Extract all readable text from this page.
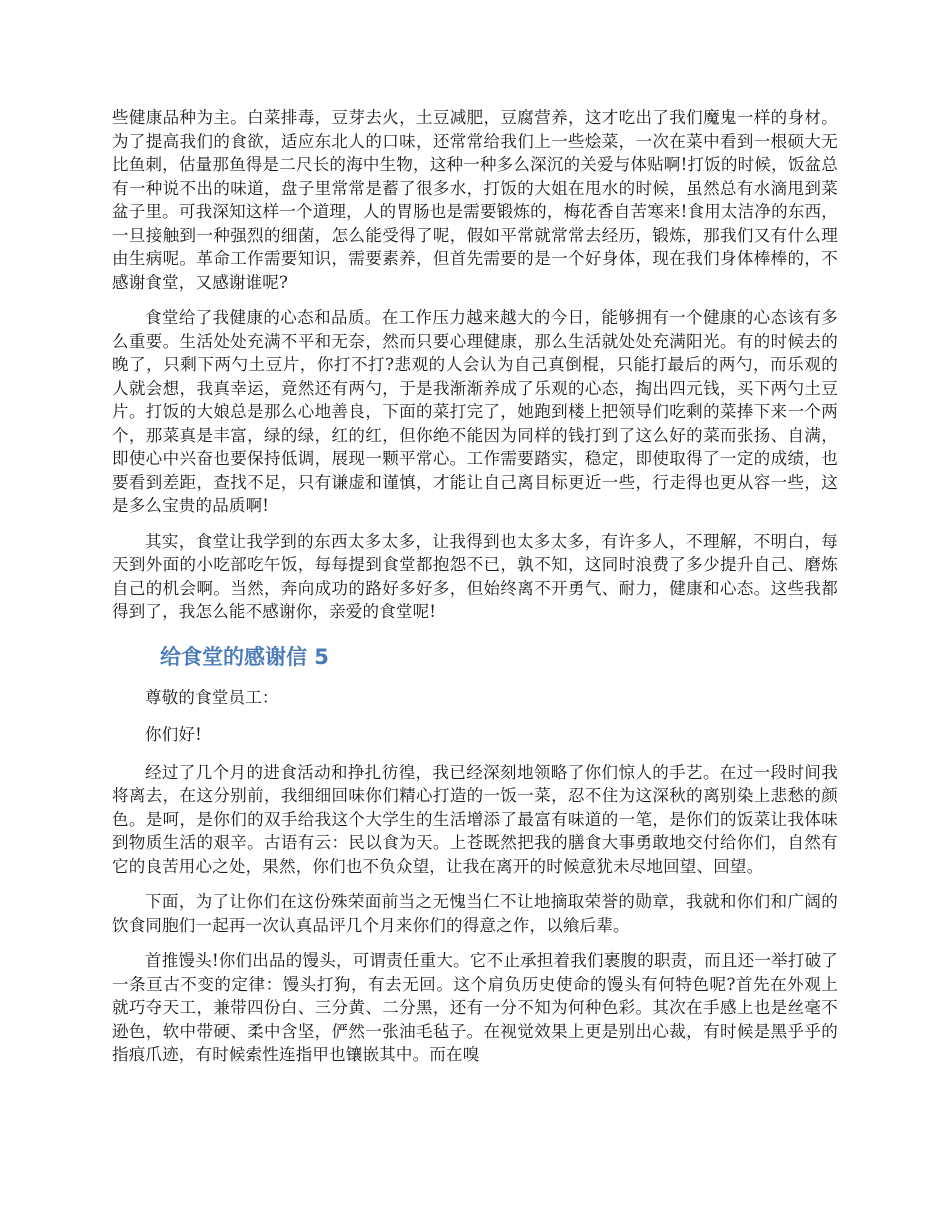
些健康品种为主。白菜排毒，豆芽去火，土豆减肥，豆腐营养，这才吃出了我们魔鬼一样的身材。为了提高我们的食欲，适应东北人的口味，还常常给我们上一些烩菜，一次在菜中看到一根硕大无比鱼刺，估量那鱼得是二尺长的海中生物，这种一种多么深沉的关爱与体贴啊!打饭的时候，饭盆总有一种说不出的味道，盘子里常常是蓄了很多水，打饭的大姐在甩水的时候，虽然总有水滴甩到菜盆子里。可我深知这样一个道理，人的胃肠也是需要锻炼的，梅花香自苦寒来!食用太洁净的东西，一旦接触到一种强烈的细菌，怎么能受得了呢，假如平常就常常去经历，锻炼，那我们又有什么理由生病呢。革命工作需要知识，需要素养，但首先需要的是一个好身体，现在我们身体棒棒的，不感谢食堂，又感谢谁呢?

食堂给了我健康的心态和品质。在工作压力越来越大的今日，能够拥有一个健康的心态该有多么重要。生活处处充满不平和无奈，然而只要心理健康，那么生活就处处充满阳光。有的时候去的晚了，只剩下两勺土豆片，你打不打?悲观的人会认为自己真倒棍，只能打最后的两勺，而乐观的人就会想，我真幸运，竟然还有两勺，于是我渐渐养成了乐观的心态，掏出四元钱，买下两勺土豆片。打饭的大娘总是那么心地善良，下面的菜打完了，她跑到楼上把领导们吃剩的菜捧下来一个两个，那菜真是丰富，绿的绿，红的红，但你绝不能因为同样的钱打到了这么好的菜而张扬、自满，即使心中兴奋也要保持低调，展现一颗平常心。工作需要踏实，稳定，即使取得了一定的成绩，也要看到差距，查找不足，只有谦虚和谨慎，才能让自己离目标更近一些，行走得也更从容一些，这是多么宝贵的品质啊!

其实，食堂让我学到的东西太多太多，让我得到也太多太多，有许多人，不理解，不明白，每天到外面的小吃部吃午饭，每每提到食堂都抱怨不已，孰不知，这同时浪费了多少提升自己、磨炼自己的机会啊。当然，奔向成功的路好多好多，但始终离不开勇气、耐力，健康和心态。这些我都得到了，我怎么能不感谢你，亲爱的食堂呢!

给食堂的感谢信 5

尊敬的食堂员工：

你们好!

经过了几个月的进食活动和挣扎彷徨，我已经深刻地领略了你们惊人的手艺。在过一段时间我将离去，在这分别前，我细细回味你们精心打造的一饭一菜，忍不住为这深秋的离别染上悲愁的颜色。是呵，是你们的双手给我这个大学生的生活增添了最富有味道的一笔，是你们的饭菜让我体味到物质生活的艰辛。古语有云：民以食为天。上苍既然把我的膳食大事勇敢地交付给你们，自然有它的良苦用心之处，果然，你们也不负众望，让我在离开的时候意犹未尽地回望、回望。

下面，为了让你们在这份殊荣面前当之无愧当仁不让地摘取荣誉的勋章，我就和你们和广阔的饮食同胞们一起再一次认真品评几个月来你们的得意之作，以飨后辈。

首推馒头!你们出品的馒头，可谓责任重大。它不止承担着我们裹腹的职责，而且还一举打破了一条亘古不变的定律：馒头打狗，有去无回。这个肩负历史使命的馒头有何特色呢?首先在外观上就巧夺天工，兼带四份白、三分黄、二分黑，还有一分不知为何种色彩。其次在手感上也是丝毫不逊色，软中带硬、柔中含坚，俨然一张油毛毡子。在视觉效果上更是别出心裁，有时候是黑乎乎的指痕爪迹，有时候索性连指甲也镶嵌其中。而在嗅
